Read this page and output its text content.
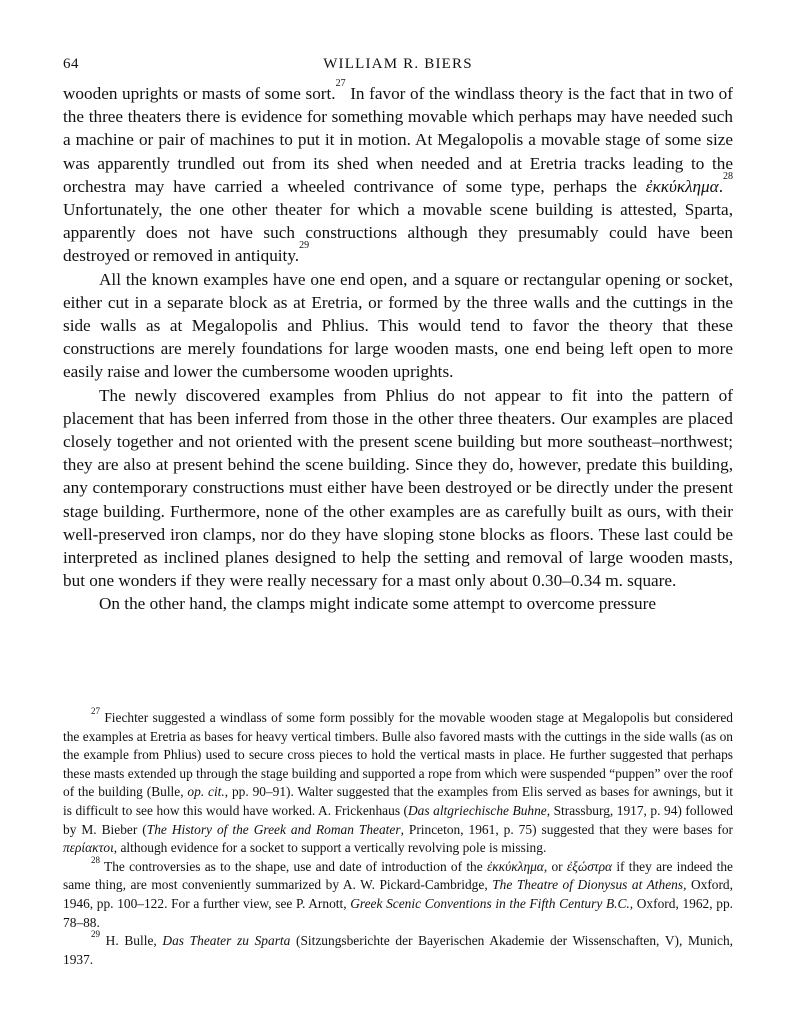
64	WILLIAM R. BIERS

wooden uprights or masts of some sort.$^{27}$ In favor of the windlass theory is the fact that in two of the three theaters there is evidence for something movable which perhaps may have needed such a machine or pair of machines to put it in motion. At Megalopolis a movable stage of some size was apparently trundled out from its shed when needed and at Eretria tracks leading to the orchestra may have carried a wheeled contrivance of some type, perhaps the ἐκκύκλημα.$^{28}$ Unfortunately, the one other theater for which a movable scene building is attested, Sparta, apparently does not have such constructions although they presumably could have been destroyed or removed in antiquity.$^{29}$

All the known examples have one end open, and a square or rectangular opening or socket, either cut in a separate block as at Eretria, or formed by the three walls and the cuttings in the side walls as at Megalopolis and Phlius. This would tend to favor the theory that these constructions are merely foundations for large wooden masts, one end being left open to more easily raise and lower the cumbersome wooden uprights.

The newly discovered examples from Phlius do not appear to fit into the pattern of placement that has been inferred from those in the other three theaters. Our examples are placed closely together and not oriented with the present scene building but more southeast–northwest; they are also at present behind the scene building. Since they do, however, predate this building, any contemporary constructions must either have been destroyed or be directly under the present stage building. Furthermore, none of the other examples are as carefully built as ours, with their well-preserved iron clamps, nor do they have sloping stone blocks as floors. These last could be interpreted as inclined planes designed to help the setting and removal of large wooden masts, but one wonders if they were really necessary for a mast only about 0.30–0.34 m. square.

On the other hand, the clamps might indicate some attempt to overcome pressure

$^{27}$ Fiechter suggested a windlass of some form possibly for the movable wooden stage at Megalopolis but considered the examples at Eretria as bases for heavy vertical timbers. Bulle also favored masts with the cuttings in the side walls (as on the example from Phlius) used to secure cross pieces to hold the vertical masts in place. He further suggested that perhaps these masts extended up through the stage building and supported a rope from which were suspended “puppen” over the roof of the building (Bulle, op. cit., pp. 90–91). Walter suggested that the examples from Elis served as bases for awnings, but it is difficult to see how this would have worked. A. Frickenhaus (Das altgriechische Buhne, Strassburg, 1917, p. 94) followed by M. Bieber (The History of the Greek and Roman Theater, Princeton, 1961, p. 75) suggested that they were bases for περίακτοι, although evidence for a socket to support a vertically revolving pole is missing.

$^{28}$ The controversies as to the shape, use and date of introduction of the ἐκκύκλημα, or ἐξώστρα if they are indeed the same thing, are most conveniently summarized by A. W. Pickard-Cambridge, The Theatre of Dionysus at Athens, Oxford, 1946, pp. 100–122. For a further view, see P. Arnott, Greek Scenic Conventions in the Fifth Century B.C., Oxford, 1962, pp. 78–88.

$^{29}$ H. Bulle, Das Theater zu Sparta (Sitzungsberichte der Bayerischen Akademie der Wissenschaften, V), Munich, 1937.
